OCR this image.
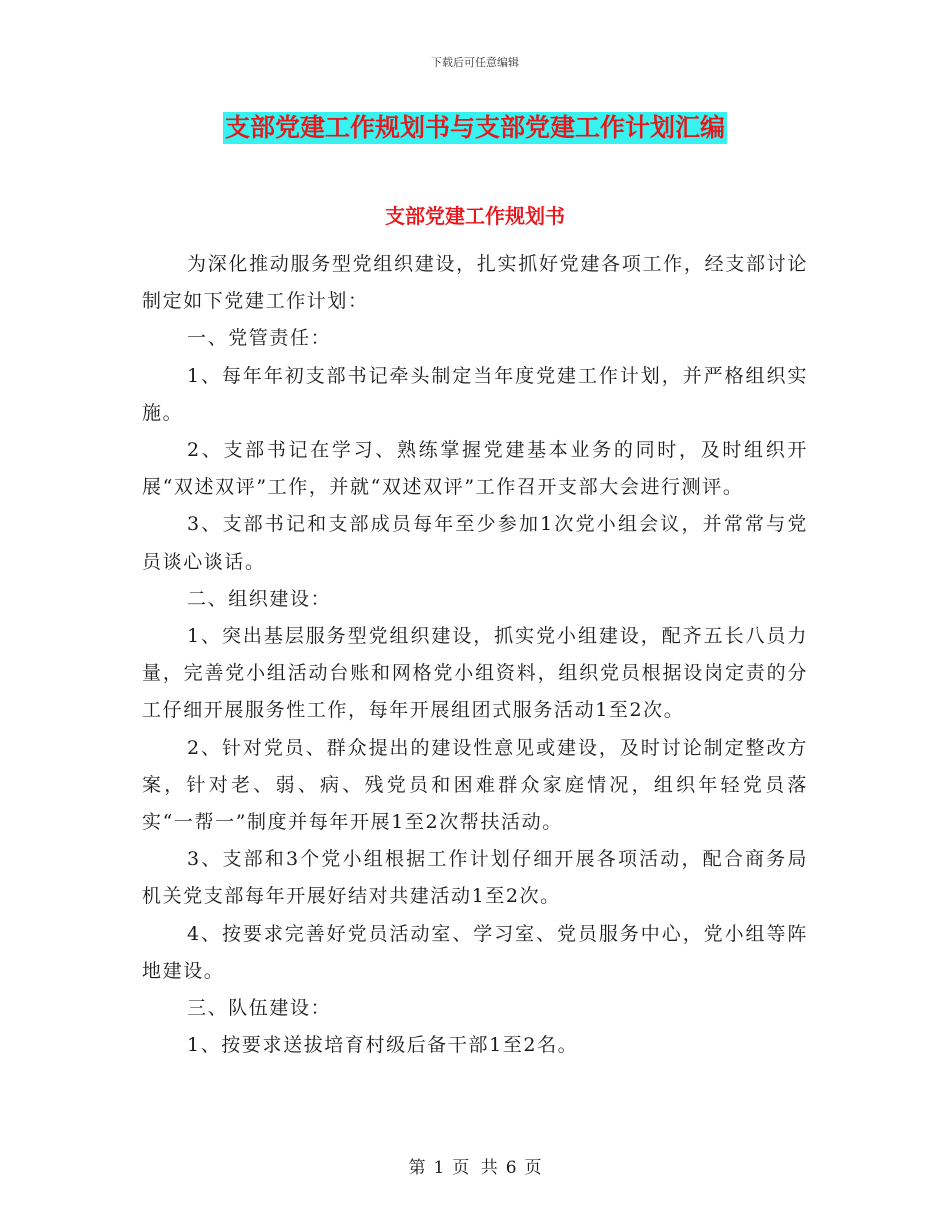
下载后可任意编辑
支部党建工作规划书与支部党建工作计划汇编
支部党建工作规划书

为深化推动服务型党组织建设，扎实抓好党建各项工作，经支部讨论制定如下党建工作计划：

一、党管责任：

1、每年年初支部书记牵头制定当年度党建工作计划，并严格组织实施。

2、支部书记在学习、熟练掌握党建基本业务的同时，及时组织开展“双述双评”工作，并就“双述双评”工作召开支部大会进行测评。

3、支部书记和支部成员每年至少参加1次党小组会议，并常常与党员谈心谈话。

二、组织建设：

1、突出基层服务型党组织建设，抓实党小组建设，配齐五长八员力量，完善党小组活动台账和网格党小组资料，组织党员根据设岗定责的分工仔细开展服务性工作，每年开展组团式服务活动1至2次。

2、针对党员、群众提出的建设性意见或建设，及时讨论制定整改方案，针对老、弱、病、残党员和困难群众家庭情况，组织年轻党员落实“一帮一”制度并每年开展1至2次帮扶活动。

3、支部和3个党小组根据工作计划仔细开展各项活动，配合商务局机关党支部每年开展好结对共建活动1至2次。

4、按要求完善好党员活动室、学习室、党员服务中心，党小组等阵地建设。

三、队伍建设：

1、按要求送拔培育村级后备干部1至2名。

第 1 页 共 6 页
